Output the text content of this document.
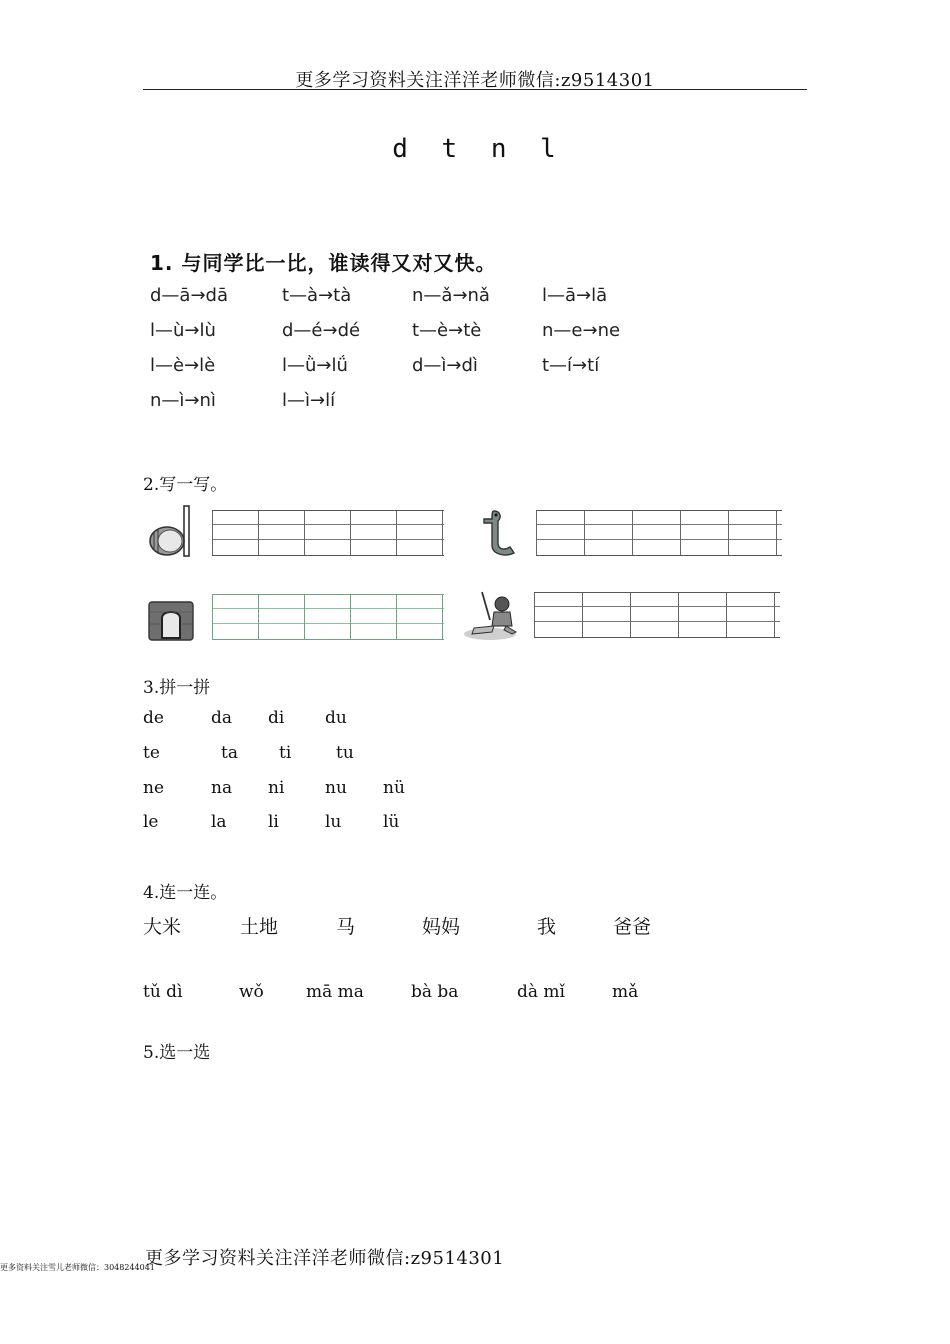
更多学习资料关注洋洋老师微信:z9514301
d t n l
1. 与同学比一比，谁读得又对又快。
d—ā→dā	t—à→tà	n—ǎ→nǎ	l—ā→lā
l—ù→lù	d—é→dé	t—è→tè	n—e→ne
l—è→lè	l—ǜ→lǘ	d—ì→dì	t—í→tí
n—ì→nì	l—ì→lí
2.写一写。
3.拼一拼
de	da di du
te	ta ti	tu
ne	na ni nu nü
le	la li	lu lü
4.连一连。
大米	土地	马	妈妈	我	爸爸
tǔ dì	wǒ mā ma	bà ba	dà mǐ	mǎ
5.选一选
更多学习资料关注洋洋老师微信:z9514301
更多资料关注雪儿老师微信：3048244041
